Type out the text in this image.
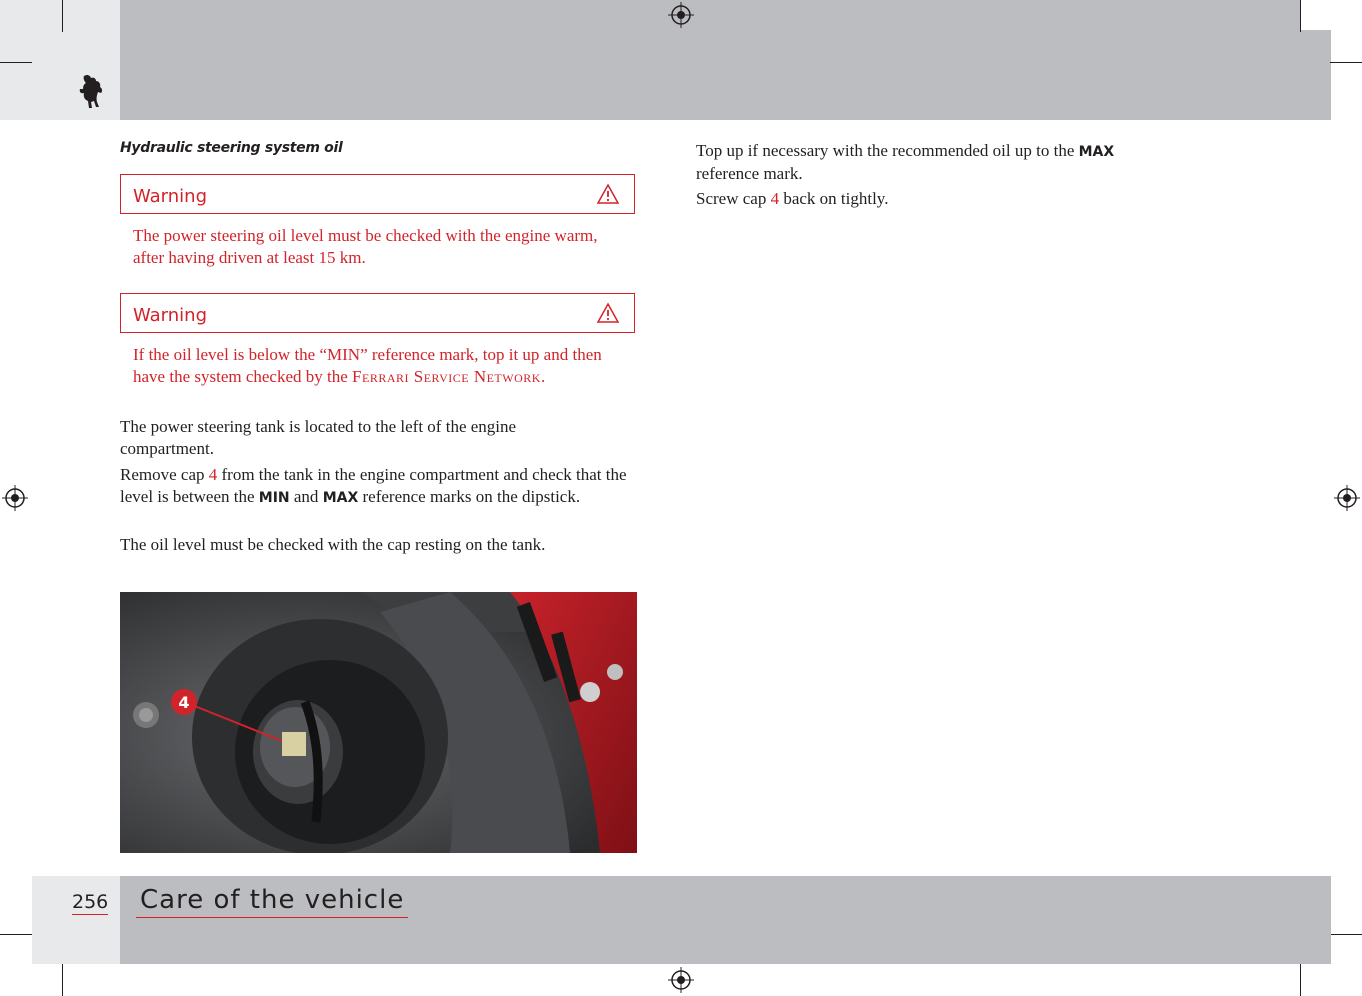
Hydraulic steering system oil
Warning
The power steering oil level must be checked with the engine warm, after having driven at least 15 km.
Warning
If the oil level is below the “MIN” reference mark, top it up and then have the system checked by the Ferrari Service Network.

The power steering tank is located to the left of the engine compartment.

Remove cap 4 from the tank in the engine compartment and check that the level is between the MIN and MAX reference marks on the dipstick.

The oil level must be checked with the cap resting on the tank.

4

Top up if necessary with the recommended oil up to the MAX reference mark.

Screw cap 4 back on tightly.

256 Care of the vehicle
